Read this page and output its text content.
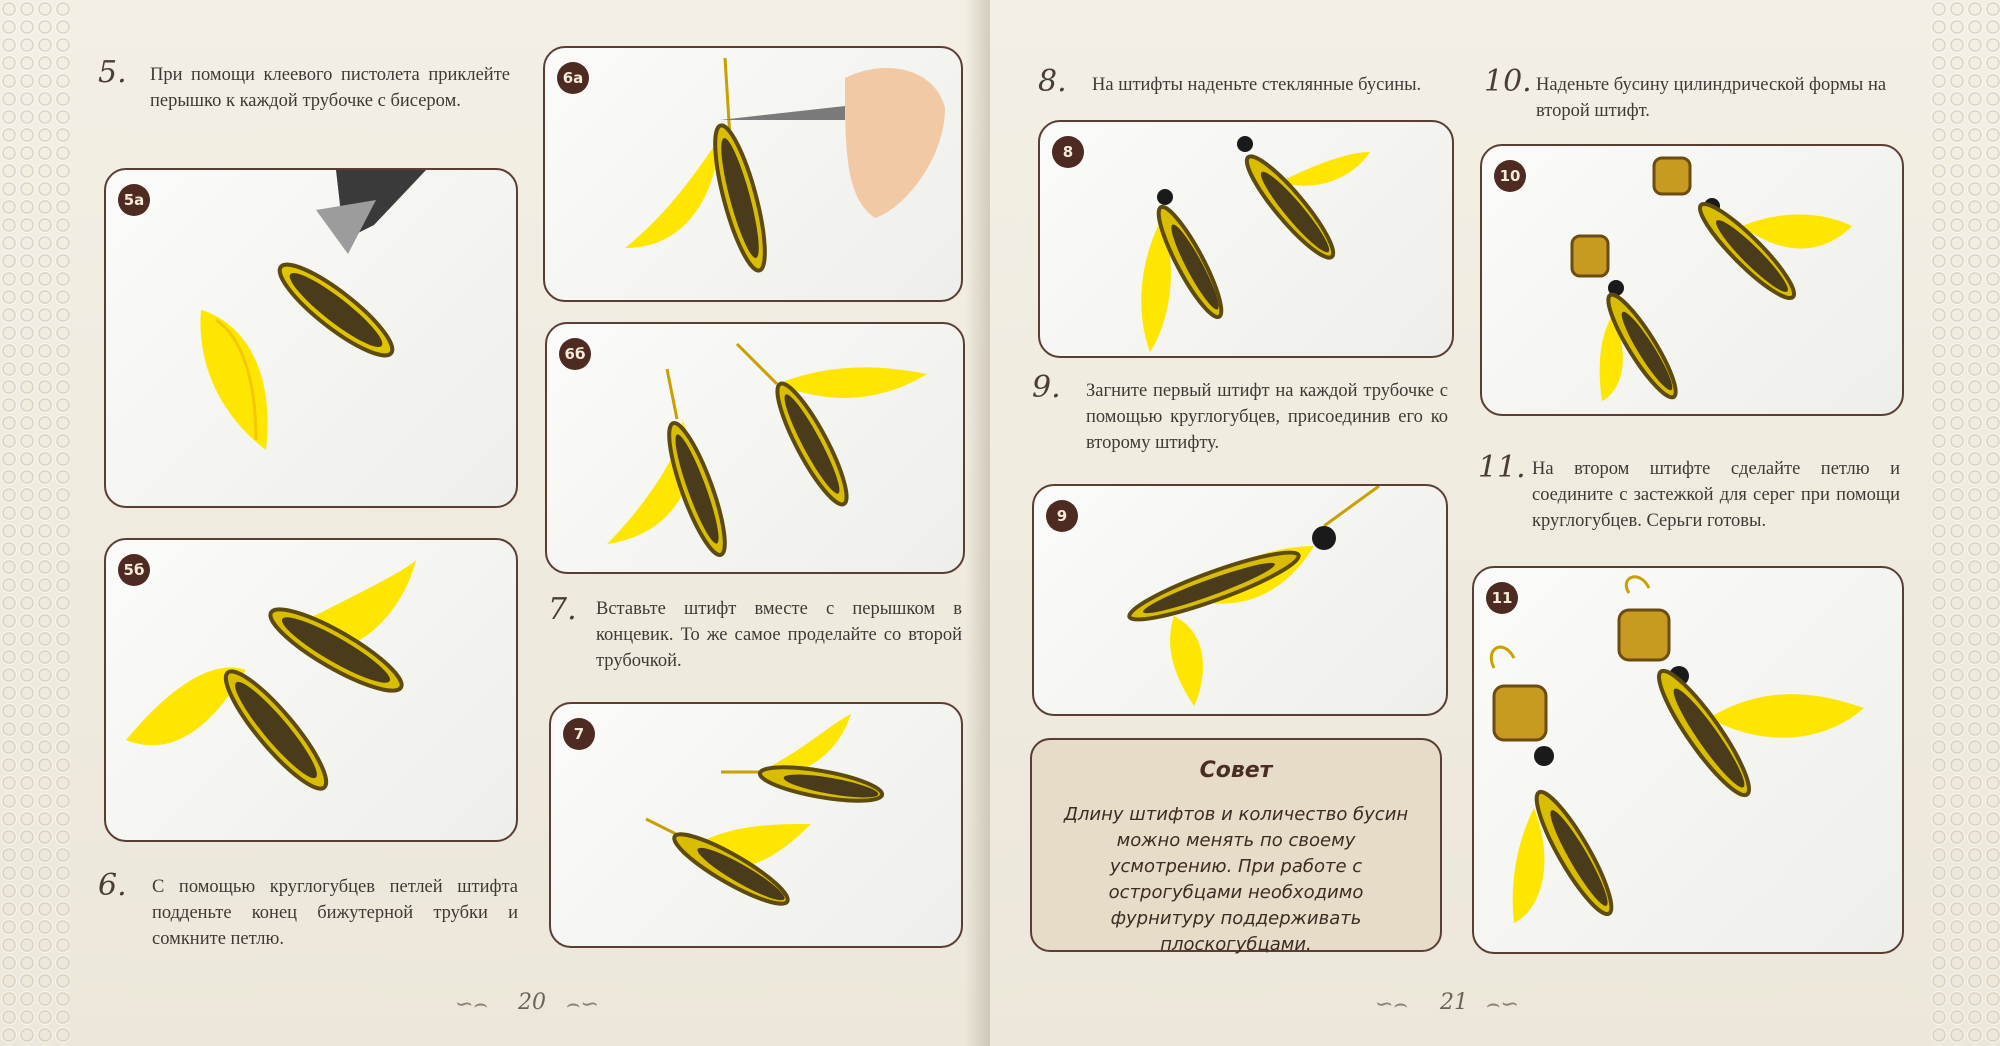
5. При помощи клеевого пистолета приклейте перышко к каждой трубочке с бисером.
5а
5б
6. С помощью круглогубцев петлей штифта подденьте конец бижутерной трубки и сомкните петлю.
6а
6б
7. Вставьте штифт вместе с перышком в концевик. То же самое проделайте со второй трубочкой.
7
∽⌢ 20 ⌢∽
8. На штифты наденьте стеклянные бусины.
8
9. Загните первый штифт на каждой трубочке с помощью круглогубцев, присоединив его ко второму штифту.
9
Совет
Длину штифтов и количество бусин можно менять по своему усмотрению. При работе с острогубцами необходимо фурнитуру поддерживать плоскогубцами.
10. Наденьте бусину цилиндрической формы на второй штифт.
10
11. На втором штифте сделайте петлю и соедините с застежкой для серег при помощи круглогубцев. Серьги готовы.
11
∽⌢ 21 ⌢∽
